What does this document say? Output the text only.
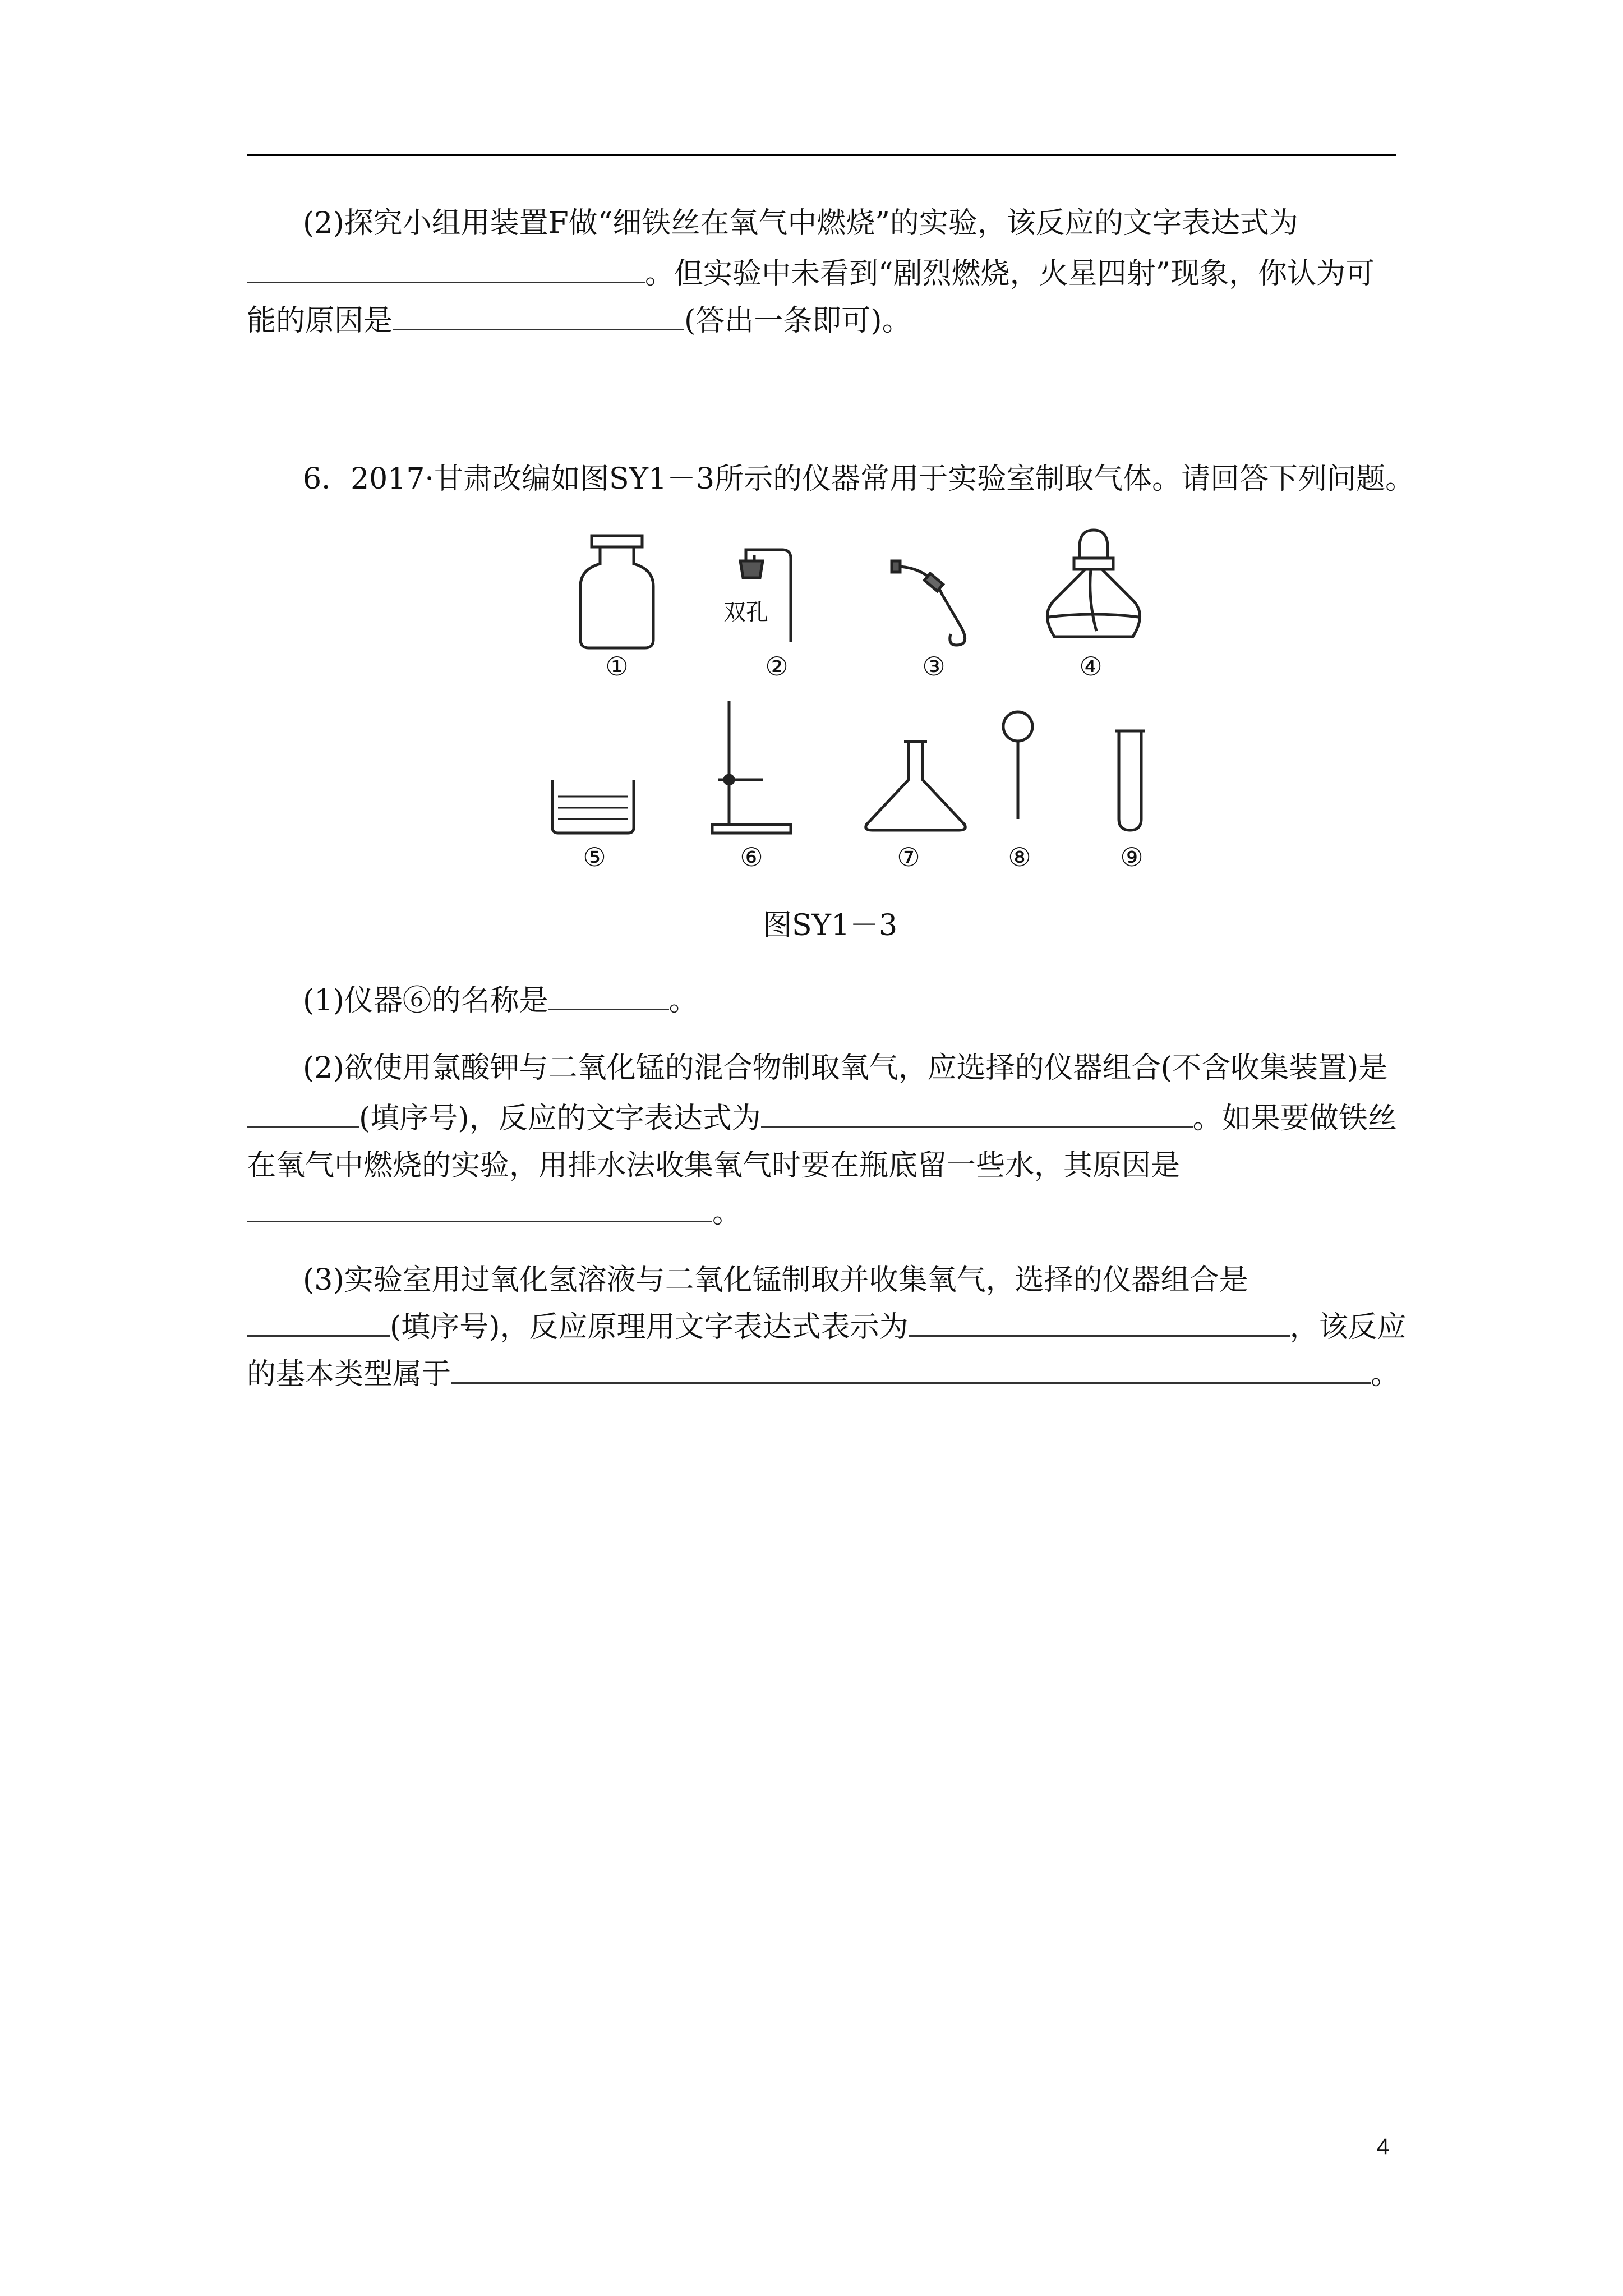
(2)探究小组用装置F做“细铁丝在氧气中燃烧”的实验，该反应的文字表达式为
。但实验中未看到“剧烈燃烧，火星四射”现象，你认为可
能的原因是	(答出一条即可)。
6．2017·甘肃改编如图SY1－3所示的仪器常用于实验室制取气体。请回答下列问题。
双孔
①	②	③	④
⑤	⑥	⑦	⑧	⑨
图SY1－3
(1)仪器⑥的名称是	。
(2)欲使用氯酸钾与二氧化锰的混合物制取氧气，应选择的仪器组合(不含收集装置)是
(填序号)，反应的文字表达式为	。如果要做铁丝
在氧气中燃烧的实验，用排水法收集氧气时要在瓶底留一些水，其原因是
。
(3)实验室用过氧化氢溶液与二氧化锰制取并收集氧气，选择的仪器组合是
(填序号)，反应原理用文字表达式表示为	，该反应
的基本类型属于	。
4
